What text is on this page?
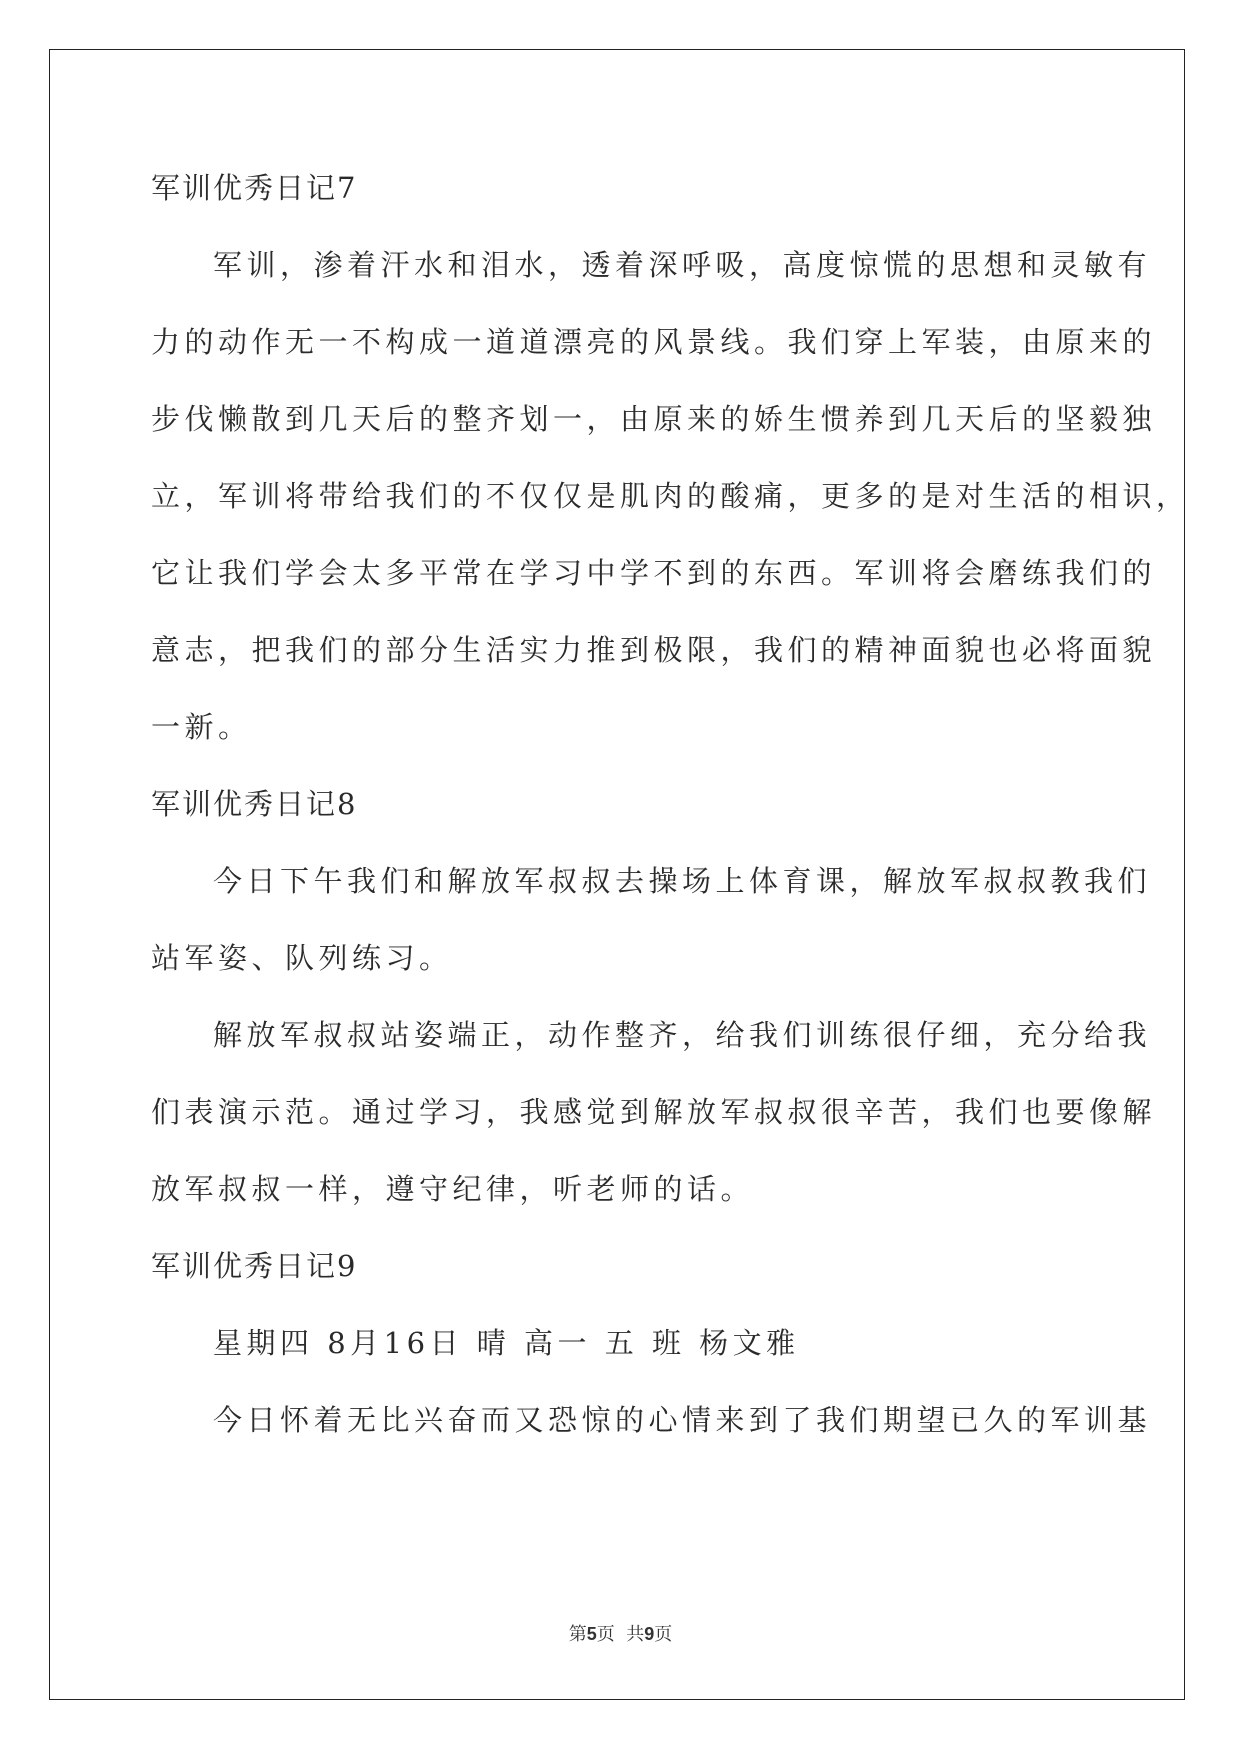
军训优秀日记7
军训，渗着汗水和泪水，透着深呼吸，高度惊慌的思想和灵敏有
力的动作无一不构成一道道漂亮的风景线。我们穿上军装，由原来的
步伐懒散到几天后的整齐划一，由原来的娇生惯养到几天后的坚毅独
立，军训将带给我们的不仅仅是肌肉的酸痛，更多的是对生活的相识，
它让我们学会太多平常在学习中学不到的东西。军训将会磨练我们的
意志，把我们的部分生活实力推到极限，我们的精神面貌也必将面貌
一新。
军训优秀日记8
今日下午我们和解放军叔叔去操场上体育课，解放军叔叔教我们
站军姿、队列练习。
解放军叔叔站姿端正，动作整齐，给我们训练很仔细，充分给我
们表演示范。通过学习，我感觉到解放军叔叔很辛苦，我们也要像解
放军叔叔一样，遵守纪律，听老师的话。
军训优秀日记9
星期四 8月16日 晴 高一 五 班 杨文雅
今日怀着无比兴奋而又恐惊的心情来到了我们期望已久的军训基
第5页  共9页
